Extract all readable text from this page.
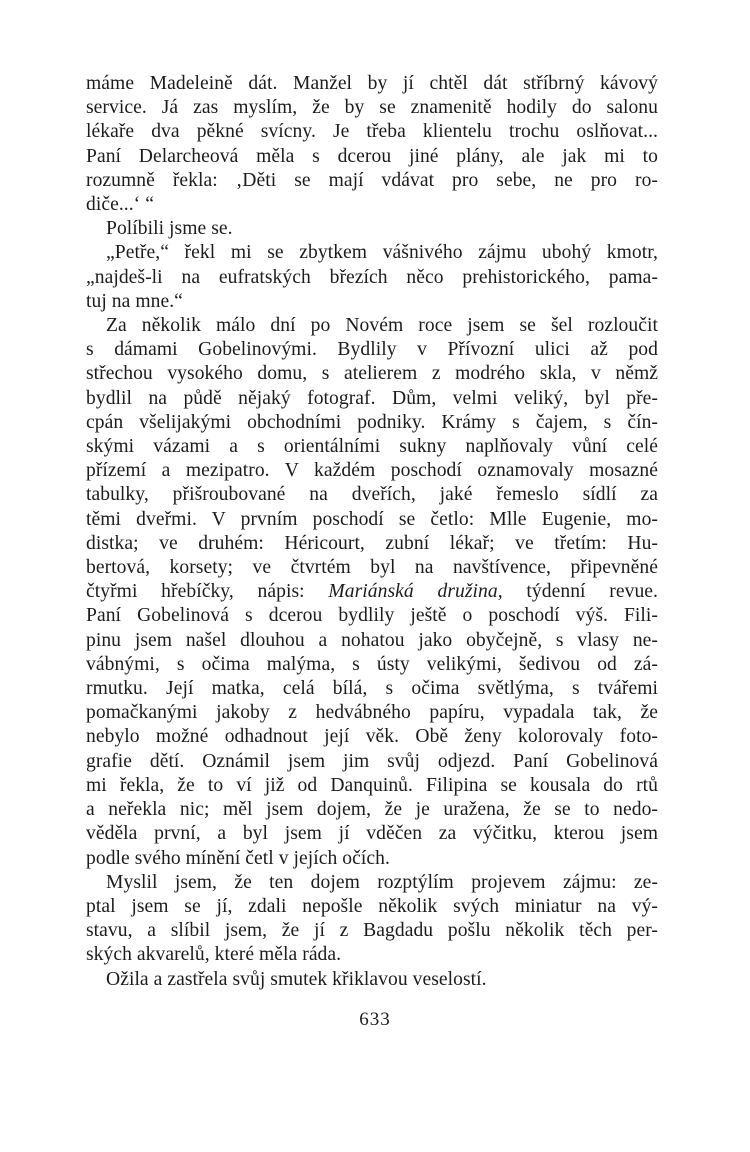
máme Madeleině dát. Manžel by jí chtěl dát stříbrný kávový
service. Já zas myslím, že by se znamenitě hodily do salonu
lékaře dva pěkné svícny. Je třeba klientelu trochu oslňovat...
Paní Delarcheová měla s dcerou jiné plány, ale jak mi to
rozumně řekla: ‚Děti se mají vdávat pro sebe, ne pro ro-
diče...‘ “

Políbili jsme se.

„Petře,“ řekl mi se zbytkem vášnivého zájmu ubohý kmotr,
„najdeš-li na eufratských březích něco prehistorického, pama-
tuj na mne.“

Za několik málo dní po Novém roce jsem se šel rozloučit
s dámami Gobelinovými. Bydlily v Přívozní ulici až pod
střechou vysokého domu, s atelierem z modrého skla, v němž
bydlil na půdě nějaký fotograf. Dům, velmi veliký, byl pře-
cpán všelijakými obchodními podniky. Krámy s čajem, s čín-
skými vázami a s orientálními sukny naplňovaly vůní celé
přízemí a mezipatro. V každém poschodí oznamovaly mosazné
tabulky, přišroubované na dveřích, jaké řemeslo sídlí za
těmi dveřmi. V prvním poschodí se četlo: Mlle Eugenie, mo-
distka; ve druhém: Héricourt, zubní lékař; ve třetím: Hu-
bertová, korsety; ve čtvrtém byl na navštívence, připevněné
čtyřmi hřebíčky, nápis: Mariánská družina, týdenní revue.
Paní Gobelinová s dcerou bydlily ještě o poschodí výš. Fili-
pinu jsem našel dlouhou a nohatou jako obyčejně, s vlasy ne-
vábnými, s očima malýma, s ústy velikými, šedivou od zá-
rmutku. Její matka, celá bílá, s očima světlýma, s tvářemi
pomačkanými jakoby z hedvábného papíru, vypadala tak, že
nebylo možné odhadnout její věk. Obě ženy kolorovaly foto-
grafie dětí. Oznámil jsem jim svůj odjezd. Paní Gobelinová
mi řekla, že to ví již od Danquinů. Filipina se kousala do rtů
a neřekla nic; měl jsem dojem, že je uražena, že se to nedo-
věděla první, a byl jsem jí vděčen za výčitku, kterou jsem
podle svého mínění četl v jejích očích.

Myslil jsem, že ten dojem rozptýlím projevem zájmu: ze-
ptal jsem se jí, zdali nepošle několik svých miniatur na vý-
stavu, a slíbil jsem, že jí z Bagdadu pošlu několik těch per-
ských akvarelů, které měla ráda.

Ožila a zastřela svůj smutek křiklavou veselostí.

633
